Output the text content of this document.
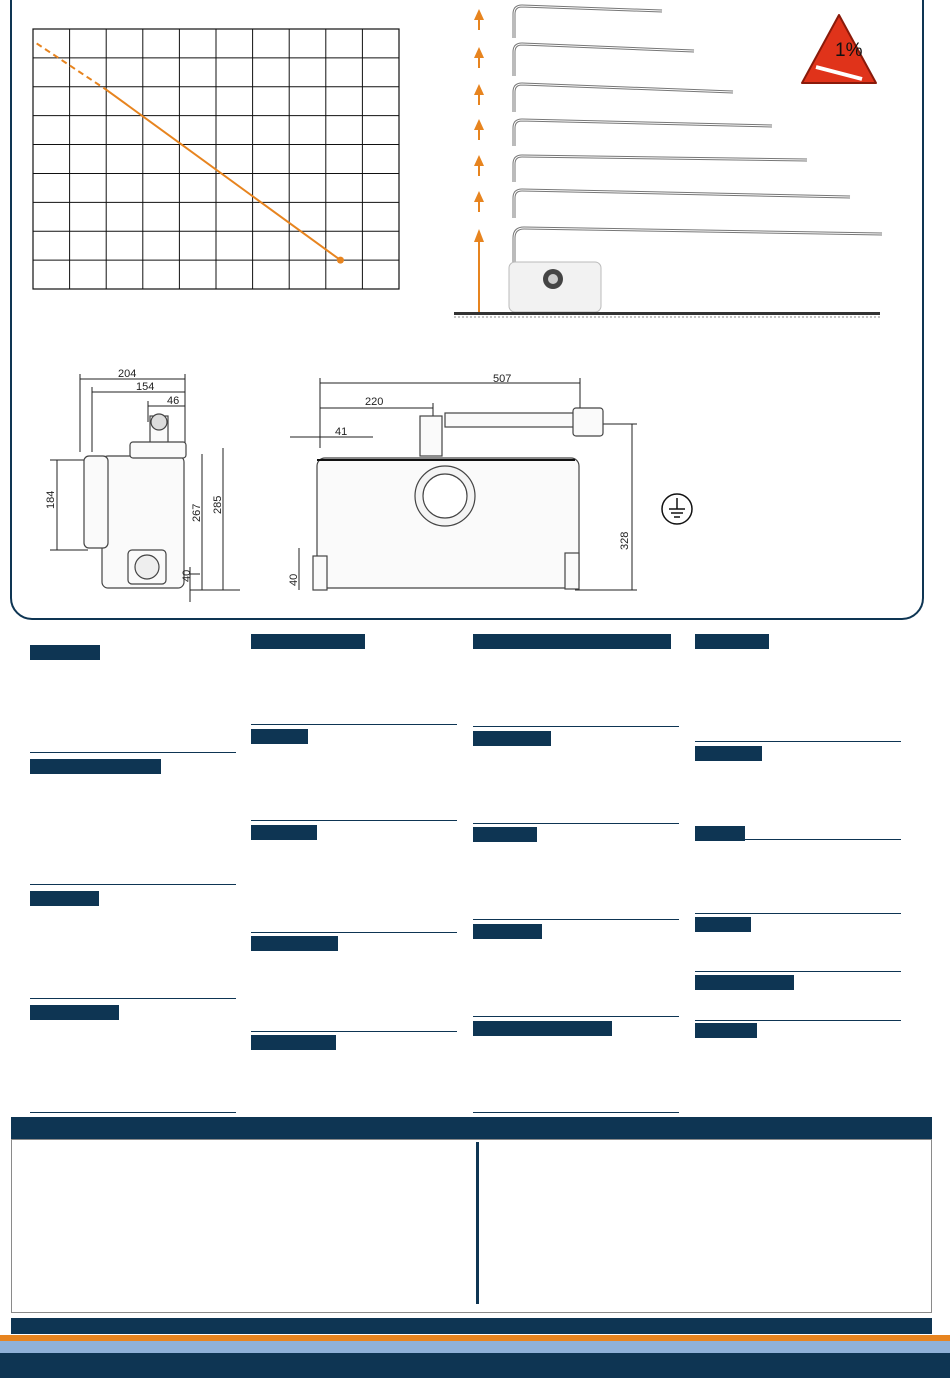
1%
204
154
46
184
267 285
40
507
220
41
328
40
